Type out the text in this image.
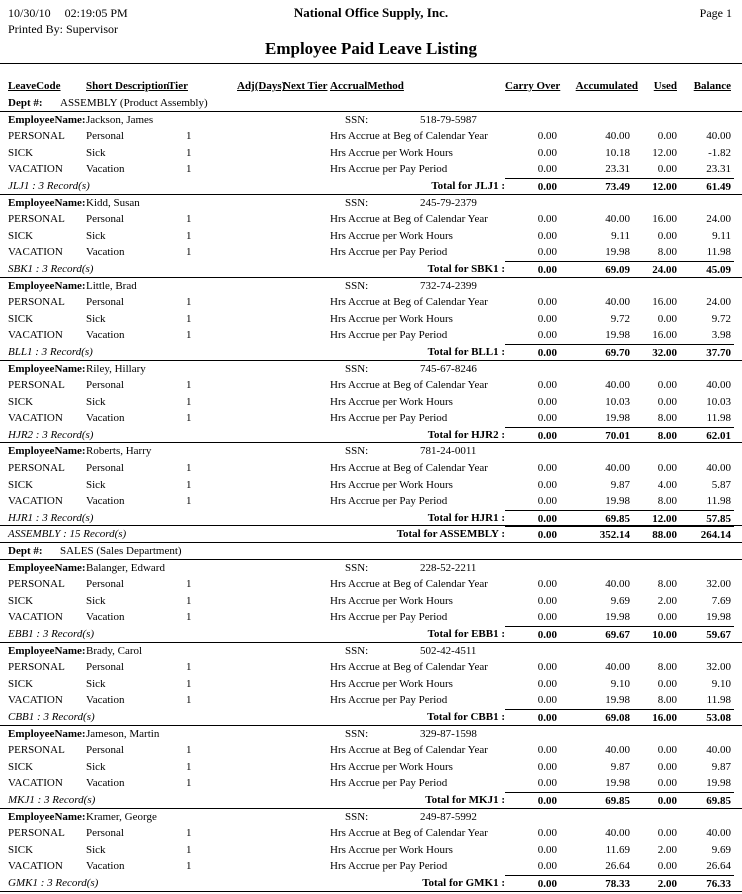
10/30/10 02:19:05 PM	National Office Supply, Inc.	Page 1
Printed By: Supervisor
Employee Paid Leave Listing
LeaveCode	Short Description
Tier	Adj(Days)
Next Tier AccrualMethod	Carry Over	Accumulated	Used	Balance
Dept #: ASSEMBLY (Product Assembly)
EmployeeName: Jackson, James	SSN:	518-79-5987
PERSONAL	Personal	1	Hrs Accrue at Beg of Calendar Year	0.00	40.00	0.00	40.00
SICK	Sick	1	Hrs Accrue per Work Hours	0.00	10.18	12.00	-1.82
VACATION	Vacation	1	Hrs Accrue per Pay Period	0.00	23.31	0.00	23.31
JLJ1 : 3 Record(s)	Total for JLJ1 :	0.00	73.49	12.00	61.49
EmployeeName: Kidd, Susan	SSN:	245-79-2379
PERSONAL	Personal	1	Hrs Accrue at Beg of Calendar Year	0.00	40.00	16.00	24.00
SICK	Sick	1	Hrs Accrue per Work Hours	0.00	9.11	0.00	9.11
VACATION	Vacation	1	Hrs Accrue per Pay Period	0.00	19.98	8.00	11.98
SBK1 : 3 Record(s)	Total for SBK1 :	0.00	69.09	24.00	45.09
EmployeeName: Little, Brad	SSN:	732-74-2399
PERSONAL	Personal	1	Hrs Accrue at Beg of Calendar Year	0.00	40.00	16.00	24.00
SICK	Sick	1	Hrs Accrue per Work Hours	0.00	9.72	0.00	9.72
VACATION	Vacation	1	Hrs Accrue per Pay Period	0.00	19.98	16.00	3.98
BLL1 : 3 Record(s)	Total for BLL1 :	0.00	69.70	32.00	37.70
EmployeeName: Riley, Hillary	SSN:	745-67-8246
PERSONAL	Personal	1	Hrs Accrue at Beg of Calendar Year	0.00	40.00	0.00	40.00
SICK	Sick	1	Hrs Accrue per Work Hours	0.00	10.03	0.00	10.03
VACATION	Vacation	1	Hrs Accrue per Pay Period	0.00	19.98	8.00	11.98
HJR2 : 3 Record(s)	Total for HJR2 :	0.00	70.01	8.00	62.01
EmployeeName: Roberts, Harry	SSN:	781-24-0011
PERSONAL	Personal	1	Hrs Accrue at Beg of Calendar Year	0.00	40.00	0.00	40.00
SICK	Sick	1	Hrs Accrue per Work Hours	0.00	9.87	4.00	5.87
VACATION	Vacation	1	Hrs Accrue per Pay Period	0.00	19.98	8.00	11.98
HJR1 : 3 Record(s)	Total for HJR1 :	0.00	69.85	12.00	57.85
ASSEMBLY : 15 Record(s)	Total for ASSEMBLY :	0.00	352.14	88.00	264.14
Dept #: SALES (Sales Department)
EmployeeName: Balanger, Edward	SSN:	228-52-2211
PERSONAL	Personal	1	Hrs Accrue at Beg of Calendar Year	0.00	40.00	8.00	32.00
SICK	Sick	1	Hrs Accrue per Work Hours	0.00	9.69	2.00	7.69
VACATION	Vacation	1	Hrs Accrue per Pay Period	0.00	19.98	0.00	19.98
EBB1 : 3 Record(s)	Total for EBB1 :	0.00	69.67	10.00	59.67
EmployeeName: Brady, Carol	SSN:	502-42-4511
PERSONAL	Personal	1	Hrs Accrue at Beg of Calendar Year	0.00	40.00	8.00	32.00
SICK	Sick	1	Hrs Accrue per Work Hours	0.00	9.10	0.00	9.10
VACATION	Vacation	1	Hrs Accrue per Pay Period	0.00	19.98	8.00	11.98
CBB1 : 3 Record(s)	Total for CBB1 :	0.00	69.08	16.00	53.08
EmployeeName: Jameson, Martin	SSN:	329-87-1598
PERSONAL	Personal	1	Hrs Accrue at Beg of Calendar Year	0.00	40.00	0.00	40.00
SICK	Sick	1	Hrs Accrue per Work Hours	0.00	9.87	0.00	9.87
VACATION	Vacation	1	Hrs Accrue per Pay Period	0.00	19.98	0.00	19.98
MKJ1 : 3 Record(s)	Total for MKJ1 :	0.00	69.85	0.00	69.85
EmployeeName: Kramer, George	SSN:	249-87-5992
PERSONAL	Personal	1	Hrs Accrue at Beg of Calendar Year	0.00	40.00	0.00	40.00
SICK	Sick	1	Hrs Accrue per Work Hours	0.00	11.69	2.00	9.69
VACATION	Vacation	1	Hrs Accrue per Pay Period	0.00	26.64	0.00	26.64
GMK1 : 3 Record(s)	Total for GMK1 :	0.00	78.33	2.00	76.33
